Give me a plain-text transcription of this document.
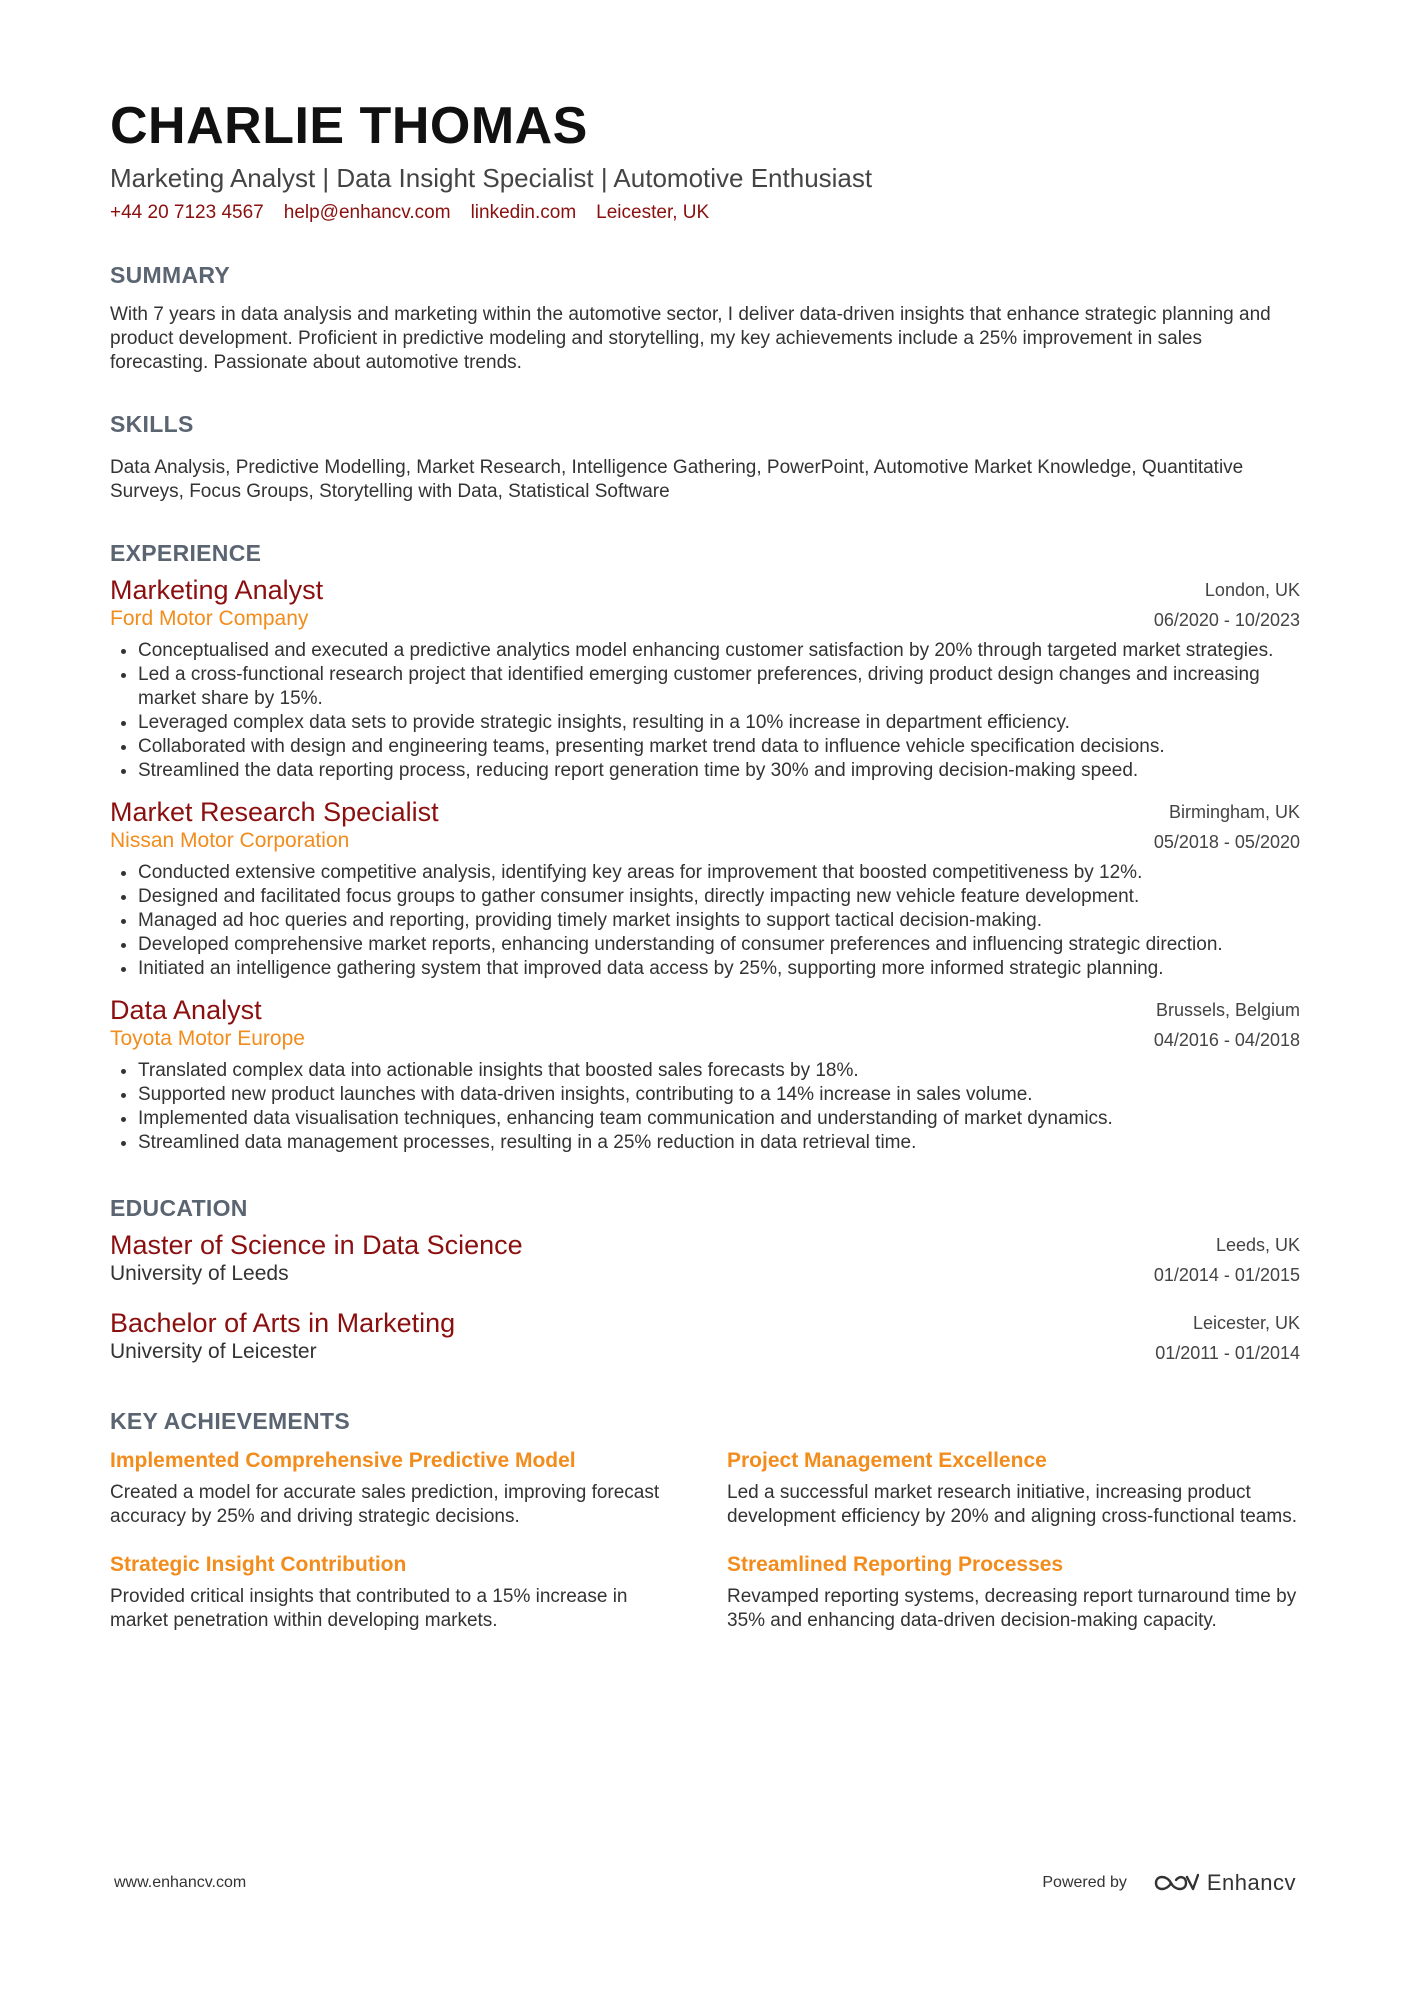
CHARLIE THOMAS
Marketing Analyst | Data Insight Specialist | Automotive Enthusiast
+44 20 7123 4567 help@enhancv.com linkedin.com Leicester, UK
SUMMARY

With 7 years in data analysis and marketing within the automotive sector, I deliver data-driven insights that enhance strategic planning and product development. Proficient in predictive modeling and storytelling, my key achievements include a 25% improvement in sales forecasting. Passionate about automotive trends.

SKILLS
Data Analysis , Predictive Modelling , Market Research , Intelligence Gathering , PowerPoint , Automotive Market Knowledge , Quantitative Surveys , Focus Groups , Storytelling with Data , Statistical Software
EXPERIENCE
Marketing Analyst
Ford Motor Company
London, UK
06/2020 - 10/2023
• Conceptualised and executed a predictive analytics model enhancing customer satisfaction by 20% through targeted market strategies.
• Led a cross-functional research project that identified emerging customer preferences, driving product design changes and increasing market share by 15%.
• Leveraged complex data sets to provide strategic insights, resulting in a 10% increase in department efficiency.
• Collaborated with design and engineering teams, presenting market trend data to influence vehicle specification decisions.
• Streamlined the data reporting process, reducing report generation time by 30% and improving decision-making speed.
Market Research Specialist
Nissan Motor Corporation
Birmingham, UK
05/2018 - 05/2020
• Conducted extensive competitive analysis, identifying key areas for improvement that boosted competitiveness by 12%.
• Designed and facilitated focus groups to gather consumer insights, directly impacting new vehicle feature development.
• Managed ad hoc queries and reporting, providing timely market insights to support tactical decision-making.
• Developed comprehensive market reports, enhancing understanding of consumer preferences and influencing strategic direction.
• Initiated an intelligence gathering system that improved data access by 25%, supporting more informed strategic planning.
Data Analyst
Toyota Motor Europe
Brussels, Belgium
04/2016 - 04/2018
• Translated complex data into actionable insights that boosted sales forecasts by 18%.
• Supported new product launches with data-driven insights, contributing to a 14% increase in sales volume.
• Implemented data visualisation techniques, enhancing team communication and understanding of market dynamics.
• Streamlined data management processes, resulting in a 25% reduction in data retrieval time.
EDUCATION
Master of Science in Data Science
University of Leeds
Leeds, UK
01/2014 - 01/2015
Bachelor of Arts in Marketing
University of Leicester
Leicester, UK
01/2011 - 01/2014
KEY ACHIEVEMENTS
Implemented Comprehensive Predictive Model
Created a model for accurate sales prediction, improving forecast accuracy by 25% and driving strategic decisions.
Project Management Excellence
Led a successful market research initiative, increasing product development efficiency by 20% and aligning cross-functional teams.
Strategic Insight Contribution
Provided critical insights that contributed to a 15% increase in market penetration within developing markets.
Streamlined Reporting Processes
Revamped reporting systems, decreasing report turnaround time by 35% and enhancing data-driven decision-making capacity.
www.enhancv.com	Powered by	Enhancv
